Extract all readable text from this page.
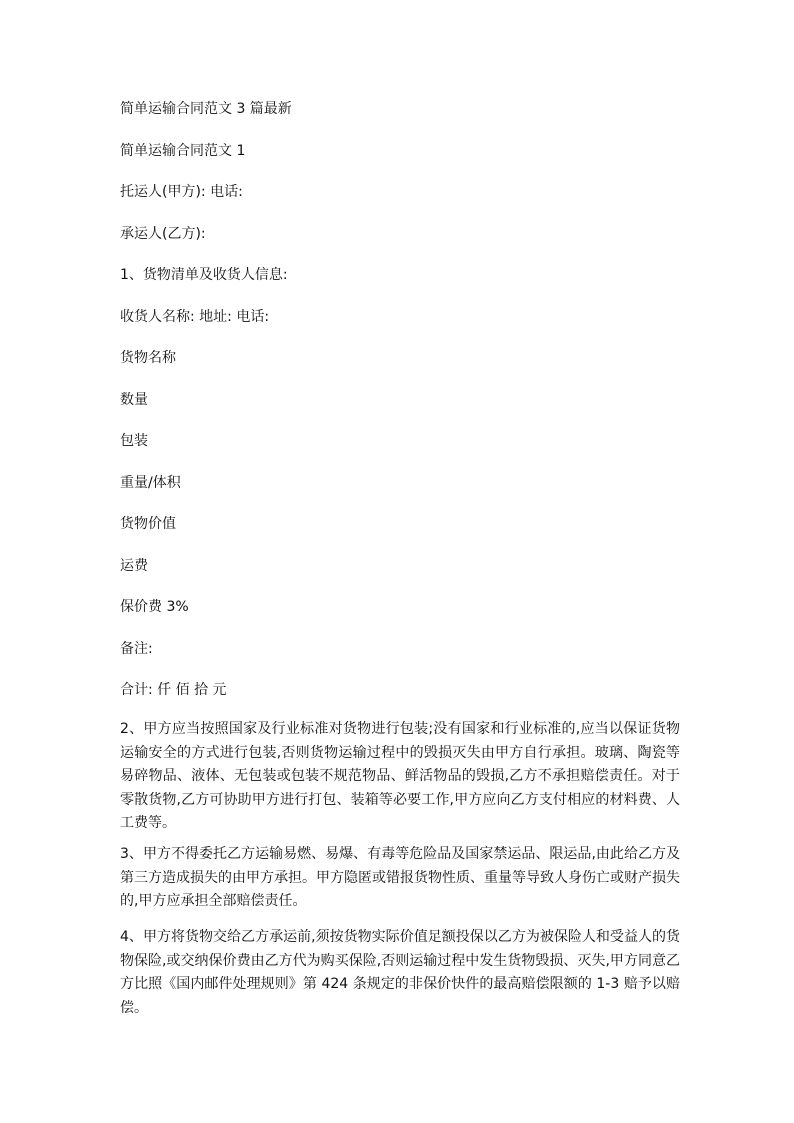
简单运输合同范文 3 篇最新
简单运输合同范文 1
托运人(甲方): 电话:
承运人(乙方):
1、货物清单及收货人信息:
收货人名称: 地址: 电话:
货物名称
数量
包装
重量/体积
货物价值
运费
保价费 3%
备注:
合计: 仟 佰 拾 元
2、甲方应当按照国家及行业标准对货物进行包装;没有国家和行业标准的,应当以保证货物运输安全的方式进行包装,否则货物运输过程中的毁损灭失由甲方自行承担。玻璃、陶瓷等易碎物品、液体、无包装或包装不规范物品、鲜活物品的毁损,乙方不承担赔偿责任。对于零散货物,乙方可协助甲方进行打包、装箱等必要工作,甲方应向乙方支付相应的材料费、人工费等。
3、甲方不得委托乙方运输易燃、易爆、有毒等危险品及国家禁运品、限运品,由此给乙方及第三方造成损失的由甲方承担。甲方隐匿或错报货物性质、重量等导致人身伤亡或财产损失的,甲方应承担全部赔偿责任。
4、甲方将货物交给乙方承运前,须按货物实际价值足额投保以乙方为被保险人和受益人的货物保险,或交纳保价费由乙方代为购买保险,否则运输过程中发生货物毁损、灭失,甲方同意乙方比照《国内邮件处理规则》第 424 条规定的非保价快件的最高赔偿限额的 1-3 赔予以赔偿。
